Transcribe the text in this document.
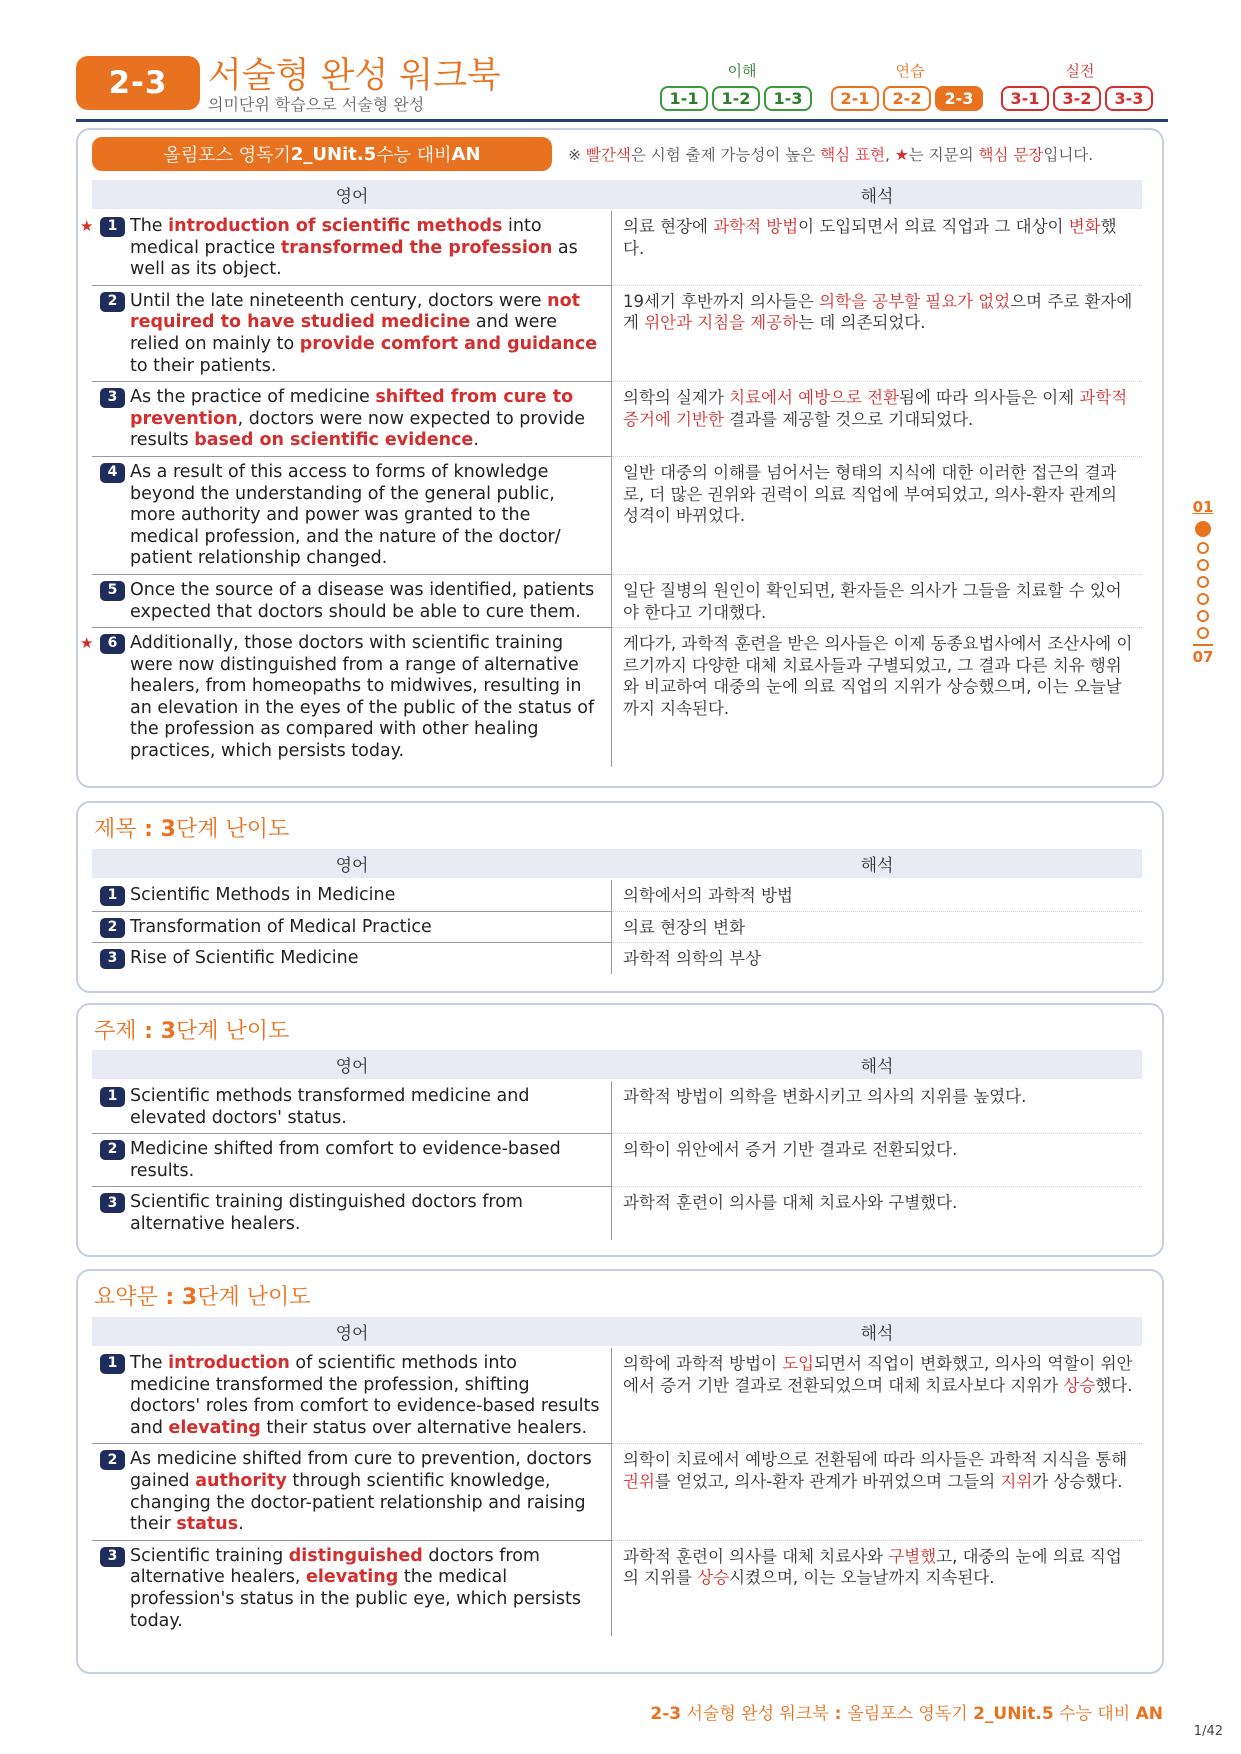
2-3	서술형 완성 워크북
의미단위 학습으로 서술형 완성
이해
1-1	1-2	1-3
연습
2-1	2-2	2-3
실전
3-1	3-2	3-3
01
07
올림포스 영독기 2_UNit.5 수능 대비 AN	※ 빨간색은 시험 출제 가능성이 높은 핵심 표현, ★는 지문의 핵심 문장입니다.
영어	해석
★	1 The introduction of scientific methods into medical practice transformed the profession as well as its object.
의료 현장에 과학적 방법이 도입되면서 의료 직업과 그 대상이 변화했다.
2 Until the late nineteenth century, doctors were not required to have studied medicine and were relied on mainly to provide comfort and guidance to their patients.
19세기 후반까지 의사들은 의학을 공부할 필요가 없었으며 주로 환자에게 위안과 지침을 제공하는 데 의존되었다.
3 As the practice of medicine shifted from cure to prevention, doctors were now expected to provide results based on scientific evidence.
의학의 실제가 치료에서 예방으로 전환됨에 따라 의사들은 이제 과학적 증거에 기반한 결과를 제공할 것으로 기대되었다.
4 As a result of this access to forms of knowledge beyond the understanding of the general public, more authority and power was granted to the medical profession, and the nature of the doctor/ patient relationship changed.
일반 대중의 이해를 넘어서는 형태의 지식에 대한 이러한 접근의 결과로, 더 많은 권위와 권력이 의료 직업에 부여되었고, 의사-환자 관계의 성격이 바뀌었다.
5 Once the source of a disease was identified, patients expected that doctors should be able to cure them.
일단 질병의 원인이 확인되면, 환자들은 의사가 그들을 치료할 수 있어야 한다고 기대했다.
★	6 Additionally, those doctors with scientific training were now distinguished from a range of alternative healers, from homeopaths to midwives, resulting in an elevation in the eyes of the public of the status of the profession as compared with other healing practices, which persists today.
게다가, 과학적 훈련을 받은 의사들은 이제 동종요법사에서 조산사에 이르기까지 다양한 대체 치료사들과 구별되었고, 그 결과 다른 치유 행위와 비교하여 대중의 눈에 의료 직업의 지위가 상승했으며, 이는 오늘날까지 지속된다.
제목 : 3단계 난이도
영어	해석
1 Scientific Methods in Medicine	의학에서의 과학적 방법
2 Transformation of Medical Practice	의료 현장의 변화
3 Rise of Scientific Medicine	과학적 의학의 부상
주제 : 3단계 난이도
영어	해석
1 Scientific methods transformed medicine and elevated doctors' status.
과학적 방법이 의학을 변화시키고 의사의 지위를 높였다.
2 Medicine shifted from comfort to evidence-based results.
의학이 위안에서 증거 기반 결과로 전환되었다.
3 Scientific training distinguished doctors from alternative healers.
과학적 훈련이 의사를 대체 치료사와 구별했다.
요약문 : 3단계 난이도
영어	해석
1 The introduction of scientific methods into medicine transformed the profession, shifting doctors' roles from comfort to evidence-based results and elevating their status over alternative healers.
의학에 과학적 방법이 도입되면서 직업이 변화했고, 의사의 역할이 위안에서 증거 기반 결과로 전환되었으며 대체 치료사보다 지위가 상승했다.
2 As medicine shifted from cure to prevention, doctors gained authority through scientific knowledge, changing the doctor-patient relationship and raising their status.
의학이 치료에서 예방으로 전환됨에 따라 의사들은 과학적 지식을 통해 권위를 얻었고, 의사-환자 관계가 바뀌었으며 그들의 지위가 상승했다.
3 Scientific training distinguished doctors from alternative healers, elevating the medical profession's status in the public eye, which persists today.
과학적 훈련이 의사를 대체 치료사와 구별했고, 대중의 눈에 의료 직업의 지위를 상승시켰으며, 이는 오늘날까지 지속된다.
2-3 서술형 완성 워크북 : 올림포스 영독기 2_UNit.5 수능 대비 AN
1/42
